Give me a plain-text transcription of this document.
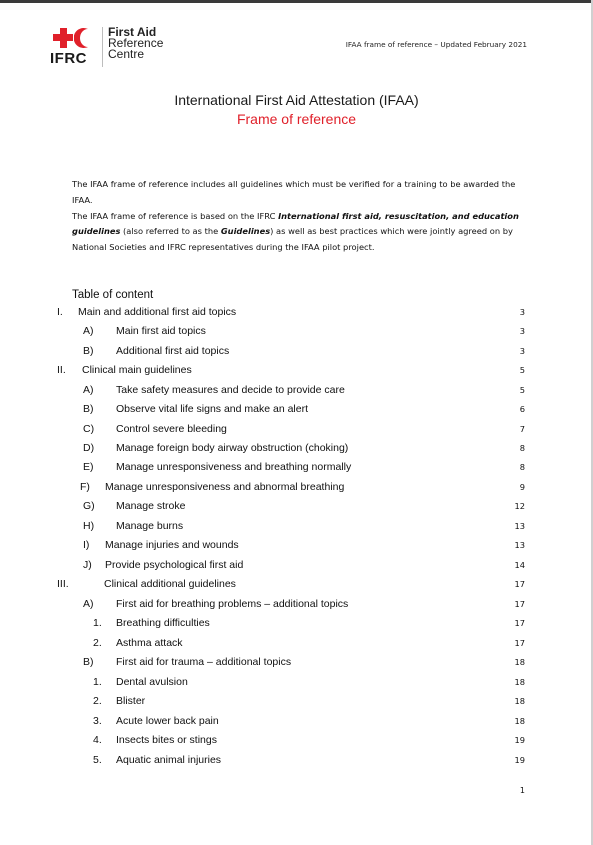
IFRC
First Aid
Reference
Centre
IFAA frame of reference – Updated February 2021
International First Aid Attestation (IFAA)
Frame of reference

The IFAA frame of reference includes all guidelines which must be verified for a training to be awarded the IFAA.

The IFAA frame of reference is based on the IFRC International first aid, resuscitation, and education guidelines (also referred to as the Guidelines) as well as best practices which were jointly agreed on by National Societies and IFRC representatives during the IFAA pilot project.

Table of content
I. Main and additional first aid topics	3
A) Main first aid topics	3
B) Additional first aid topics	3
II. Clinical main guidelines	5
A) Take safety measures and decide to provide care	5
B) Observe vital life signs and make an alert	6
C) Control severe bleeding	7
D) Manage foreign body airway obstruction (choking)	8
E) Manage unresponsiveness and breathing normally	8
F) Manage unresponsiveness and abnormal breathing	9
G) Manage stroke	12
H) Manage burns	13
I) Manage injuries and wounds	13
J) Provide psychological first aid	14
III.	Clinical additional guidelines	17
A) First aid for breathing problems – additional topics	17
1. Breathing difficulties	17
2. Asthma attack	17
B) First aid for trauma – additional topics	18
1. Dental avulsion	18
2. Blister	18
3. Acute lower back pain	18
4. Insects bites or stings	19
5. Aquatic animal injuries	19
1
